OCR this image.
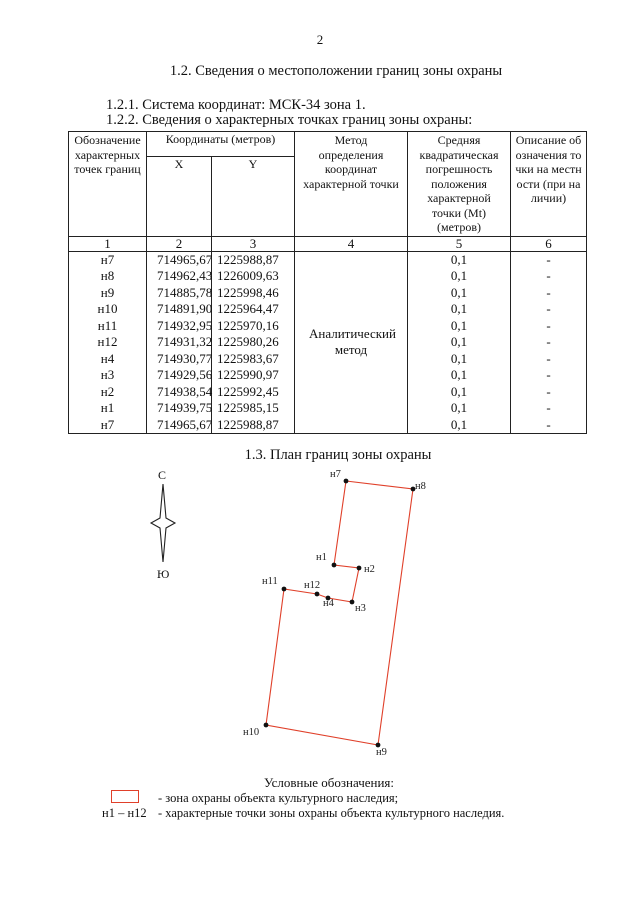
2
1.2. Сведения о местоположении границ зоны охраны
1.2.1. Система координат: МСК-34 зона 1.
1.2.2. Сведения о характерных точках границ зоны охраны:
Обозначение характерных точек границ	Координаты (метров)		Метод определения координат характерной точки	Средняя квадратическая погрешность положения характерной точки (Mt) (метров)	Описание обозначения точки на местности (при наличии)
	X	Y			
1	2	3	4	5	6
н7	714965,67	1225988,87	Аналитический метод	0,1	-
н8	714962,43	1226009,63		0,1	-
н9	714885,78	1225998,46		0,1	-
н10	714891,90	1225964,47		0,1	-
н11	714932,95	1225970,16		0,1	-
н12	714931,32	1225980,26		0,1	-
н4	714930,77	1225983,67		0,1	-
н3	714929,56	1225990,97		0,1	-
н2	714938,54	1225992,45		0,1	-
н1	714939,75	1225985,15		0,1	-
н7	714965,67	1225988,87		0,1	-
1.3. План границ зоны охраны
С
Ю
н7
н8
н1
н2
н11	н12
н4 н3
н10
н9
Условные обозначения:
- зона охраны объекта культурного наследия;
н1 – н12 - характерные точки зоны охраны объекта культурного наследия.
